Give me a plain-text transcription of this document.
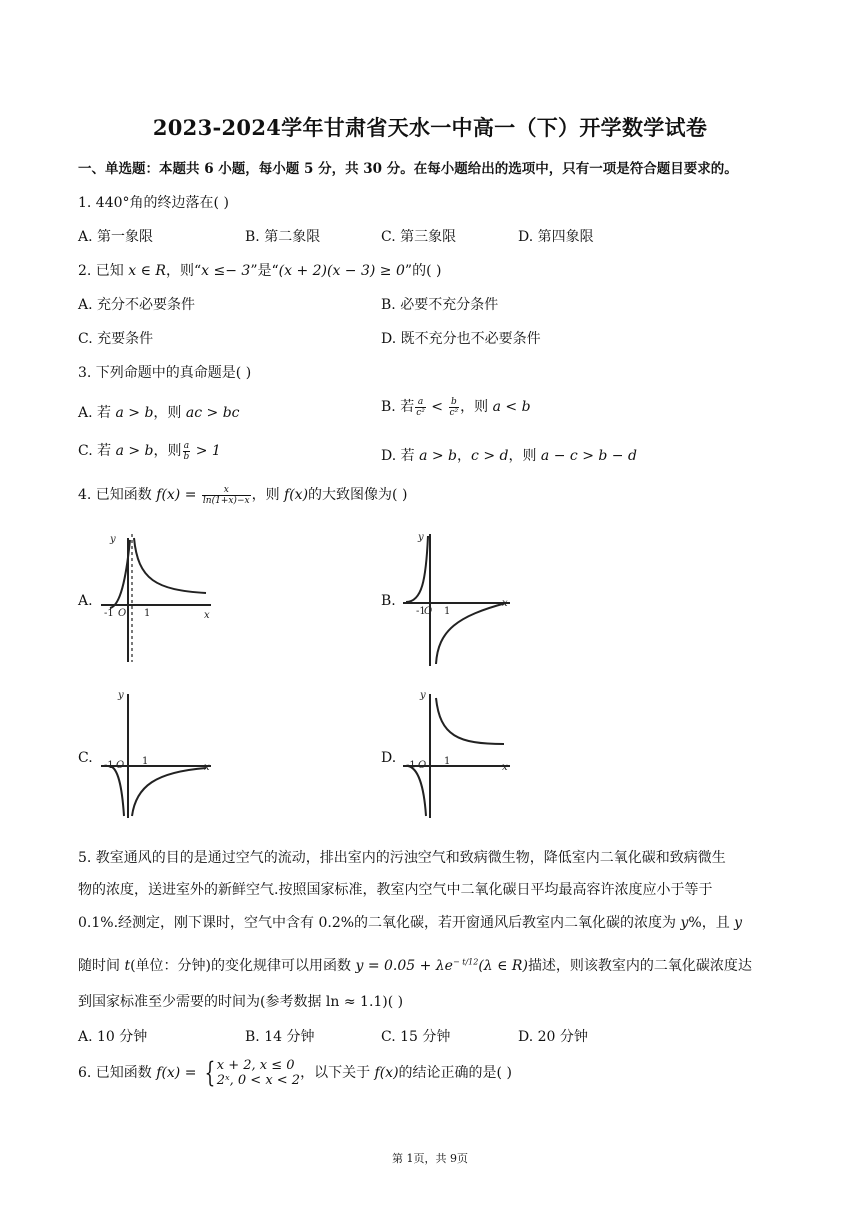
2023-2024学年甘肃省天水一中高一（下）开学数学试卷
一、单选题：本题共 6 小题，每小题 5 分，共 30 分。在每小题给出的选项中，只有一项是符合题目要求的。
1. 440°角的终边落在( )
A. 第一象限	B. 第二象限	C. 第三象限	D. 第四象限
2. 已知 x ∈ R，则“x ≤− 3”是“(x + 2)(x − 3) ≥ 0”的( )
A. 充分不必要条件	B. 必要不充分条件
C. 充要条件	D. 既不充分也不必要条件
3. 下列命题中的真命题是( )
A. 若 a > b，则 ac > bc	B. 若 $\frac{a}{\text{c²}} < \frac{b}{\text{c²}}$ ，则 a < b
C. 若 a > b，则 $\frac{a}{b} > 1$	D. 若 a > b，c > d，则 a − c > b − d
4. 已知函数 $f(x) = \frac{x}{\ln(1+x)-x}$ ，则 f(x)的大致图像为( )
A.
y
-1 O 1	x
B.
y
-1
O 1
x
C.
y
-1 O 1
x
D.
y
-1 O 1
x
5. 教室通风的目的是通过空气的流动，排出室内的污浊空气和致病微生物，降低室内二氧化碳和致病微生
物的浓度，送进室外的新鲜空气.按照国家标准，教室内空气中二氧化碳日平均最高容许浓度应小于等于
0.1%.经测定，刚下课时，空气中含有 0.2%的二氧化碳，若开窗通风后教室内二氧化碳的浓度为 y%，且 y
随时间 t(单位：分钟)的变化规律可以用函数 $y = 0.05 + \lambda e^{- t/12}(\lambda$ ∈ R)描述，则该教室内的二氧化碳浓度达
到国家标准至少需要的时间为(参考数据 ln ≈ 1.1)( )
A. 10 分钟	B. 14 分钟	C. 15 分钟	D. 20 分钟
6. 已知函数 f(x) = { x + 2, x ≤ 0
2ˣ, 0 < x < 2 ，以下关于 f(x)的结论正确的是( )
第 1页，共 9页
